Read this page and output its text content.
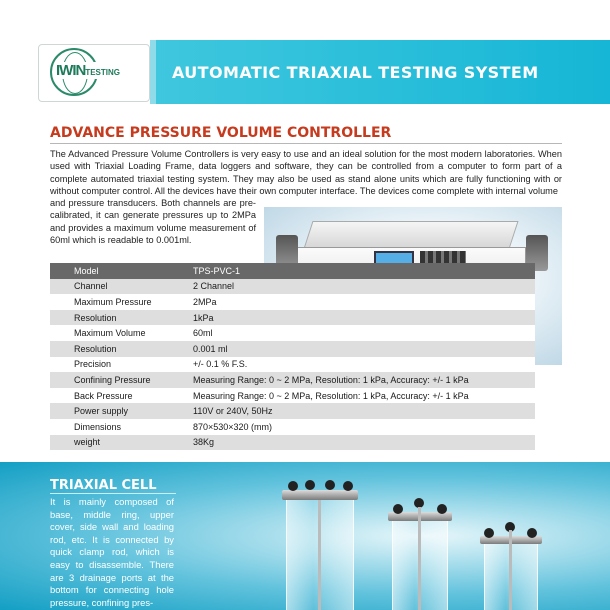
IWINTESTING	AUTOMATIC TRIAXIAL TESTING SYSTEM
ADVANCE PRESSURE VOLUME CONTROLLER
The Advanced Pressure Volume Controllers is very easy to use and an ideal solution for the most modern laboratories. When used with Triaxial Loading Frame, data loggers and software, they can be controlled from a computer to form part of a complete automated triaxial testing system. They may also be used as stand alone units which are fully functioning with or without computer control. All the devices have their own computer interface. The devices come complete with internal volume
and pressure transducers. Both channels are pre-calibrated, it can generate pressures up to 2MPa and provides a maximum volume measurement of 60ml which is readable to 0.001ml.
Model	TPS-PVC-1
Channel	2 Channel
Maximum Pressure	2MPa
Resolution	1kPa
Maximum Volume	60ml
Resolution	0.001 ml
Precision	+/- 0.1 % F.S.
Confining Pressure	Measuring Range: 0 ~ 2 MPa, Resolution: 1 kPa, Accuracy: +/- 1 kPa
Back Pressure	Measuring Range: 0 ~ 2 MPa, Resolution: 1 kPa, Accuracy: +/- 1 kPa
Power supply	110V or 240V, 50Hz
Dimensions	870×530×320 (mm)
weight	38Kg
TRIAXIAL CELL
It is mainly composed of base, middle ring, upper cover, side wall and loading rod, etc. It is connected by quick clamp rod, which is easy to disassemble. There are 3 drainage ports at the bottom for connecting hole pressure, confining pres-
